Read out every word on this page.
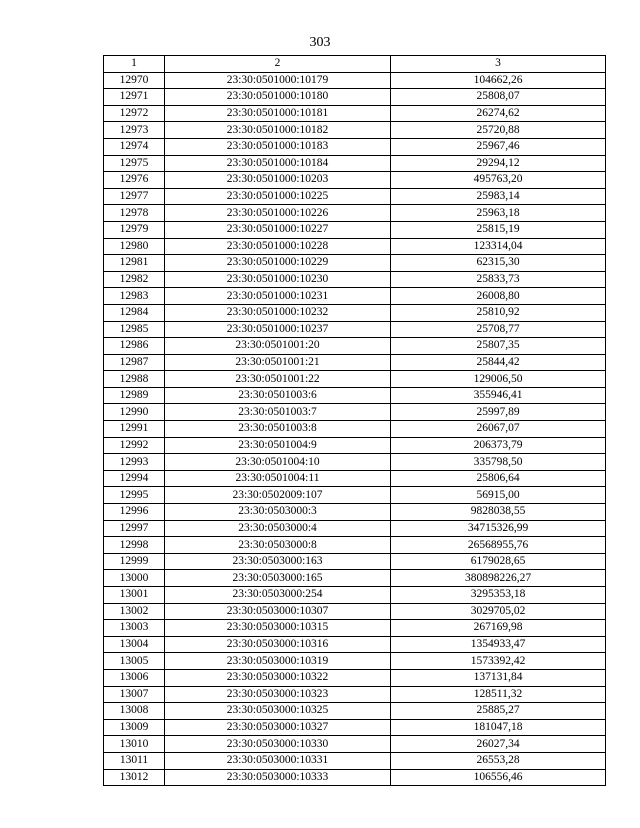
303
1	2	3
12970	23:30:0501000:10179	104662,26
12971	23:30:0501000:10180	25808,07
12972	23:30:0501000:10181	26274,62
12973	23:30:0501000:10182	25720,88
12974	23:30:0501000:10183	25967,46
12975	23:30:0501000:10184	29294,12
12976	23:30:0501000:10203	495763,20
12977	23:30:0501000:10225	25983,14
12978	23:30:0501000:10226	25963,18
12979	23:30:0501000:10227	25815,19
12980	23:30:0501000:10228	123314,04
12981	23:30:0501000:10229	62315,30
12982	23:30:0501000:10230	25833,73
12983	23:30:0501000:10231	26008,80
12984	23:30:0501000:10232	25810,92
12985	23:30:0501000:10237	25708,77
12986	23:30:0501001:20	25807,35
12987	23:30:0501001:21	25844,42
12988	23:30:0501001:22	129006,50
12989	23:30:0501003:6	355946,41
12990	23:30:0501003:7	25997,89
12991	23:30:0501003:8	26067,07
12992	23:30:0501004:9	206373,79
12993	23:30:0501004:10	335798,50
12994	23:30:0501004:11	25806,64
12995	23:30:0502009:107	56915,00
12996	23:30:0503000:3	9828038,55
12997	23:30:0503000:4	34715326,99
12998	23:30:0503000:8	26568955,76
12999	23:30:0503000:163	6179028,65
13000	23:30:0503000:165	380898226,27
13001	23:30:0503000:254	3295353,18
13002	23:30:0503000:10307	3029705,02
13003	23:30:0503000:10315	267169,98
13004	23:30:0503000:10316	1354933,47
13005	23:30:0503000:10319	1573392,42
13006	23:30:0503000:10322	137131,84
13007	23:30:0503000:10323	128511,32
13008	23:30:0503000:10325	25885,27
13009	23:30:0503000:10327	181047,18
13010	23:30:0503000:10330	26027,34
13011	23:30:0503000:10331	26553,28
13012	23:30:0503000:10333	106556,46
